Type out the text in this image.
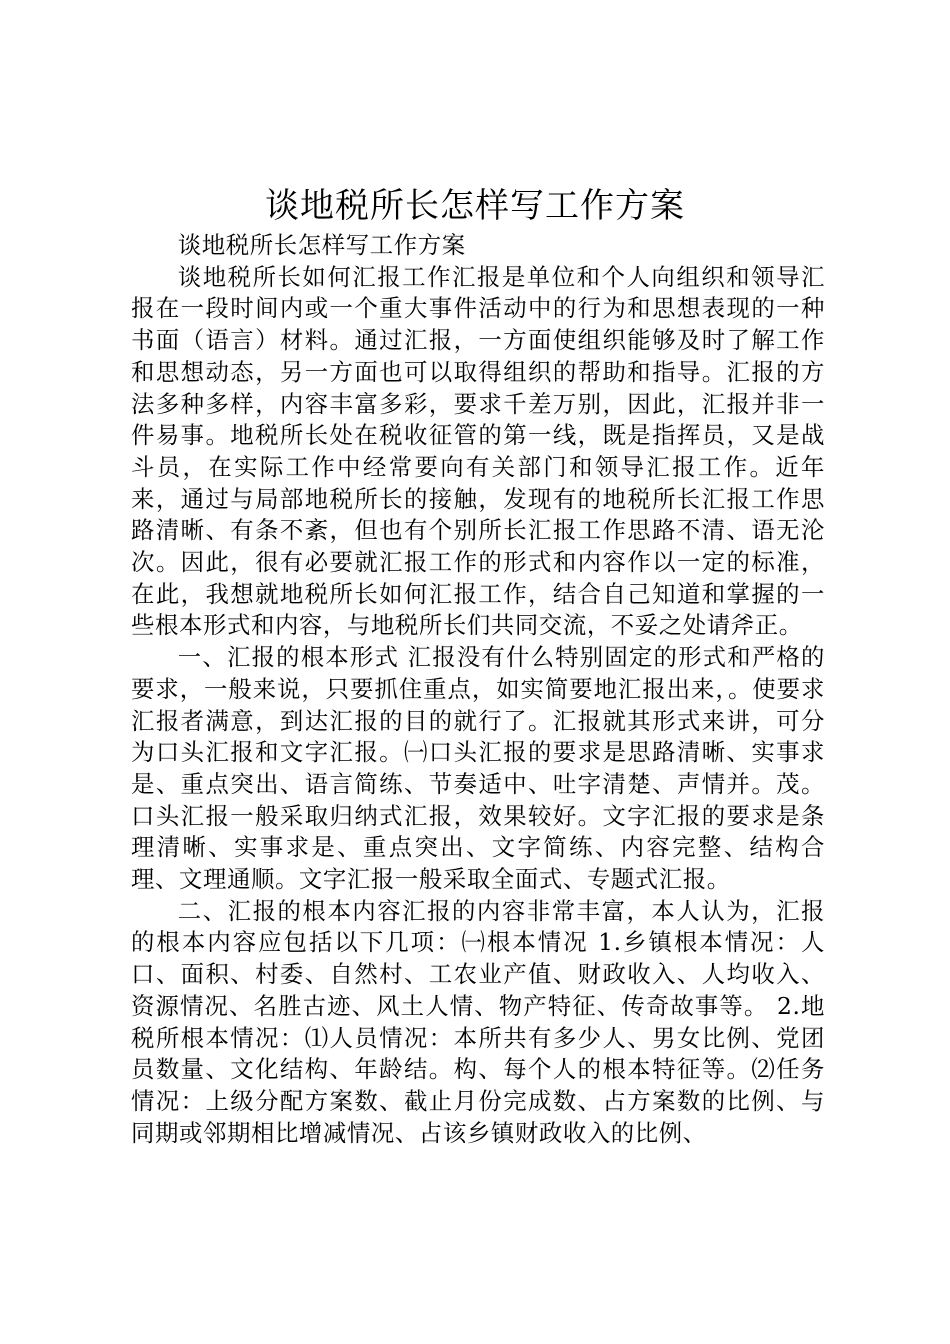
谈地税所长怎样写工作方案

谈地税所长怎样写工作方案

谈地税所长如何汇报工作汇报是单位和个人向组织和领导汇报在一段时间内或一个重大事件活动中的行为和思想表现的一种书面（语言）材料。通过汇报，一方面使组织能够及时了解工作和思想动态，另一方面也可以取得组织的帮助和指导。汇报的方法多种多样，内容丰富多彩，要求千差万别，因此，汇报并非一件易事。地税所长处在税收征管的第一线，既是指挥员，又是战斗员，在实际工作中经常要向有关部门和领导汇报工作。近年来，通过与局部地税所长的接触，发现有的地税所长汇报工作思路清晰、有条不紊，但也有个别所长汇报工作思路不清、语无沦次。因此，很有必要就汇报工作的形式和内容作以一定的标准，在此，我想就地税所长如何汇报工作，结合自己知道和掌握的一些根本形式和内容，与地税所长们共同交流，不妥之处请斧正。

一、汇报的根本形式 汇报没有什么特别固定的形式和严格的要求，一般来说，只要抓住重点，如实简要地汇报出来，。使要求汇报者满意，到达汇报的目的就行了。汇报就其形式来讲，可分为口头汇报和文字汇报。㈠口头汇报的要求是思路清晰、实事求是、重点突出、语言简练、节奏适中、吐字清楚、声情并。茂。口头汇报一般采取归纳式汇报，效果较好。文字汇报的要求是条理清晰、实事求是、重点突出、文字简练、内容完整、结构合理、文理通顺。文字汇报一般采取全面式、专题式汇报。

二、汇报的根本内容汇报的内容非常丰富，本人认为，汇报的根本内容应包括以下几项：㈠根本情况 1.乡镇根本情况：人口、面积、村委、自然村、工农业产值、财政收入、人均收入、资源情况、名胜古迹、风土人情、物产特征、传奇故事等。 2.地税所根本情况：⑴人员情况：本所共有多少人、男女比例、党团员数量、文化结构、年龄结。构、每个人的根本特征等。⑵任务情况：上级分配方案数、截止月份完成数、占方案数的比例、与同期或邻期相比增减情况、占该乡镇财政收入的比例、
